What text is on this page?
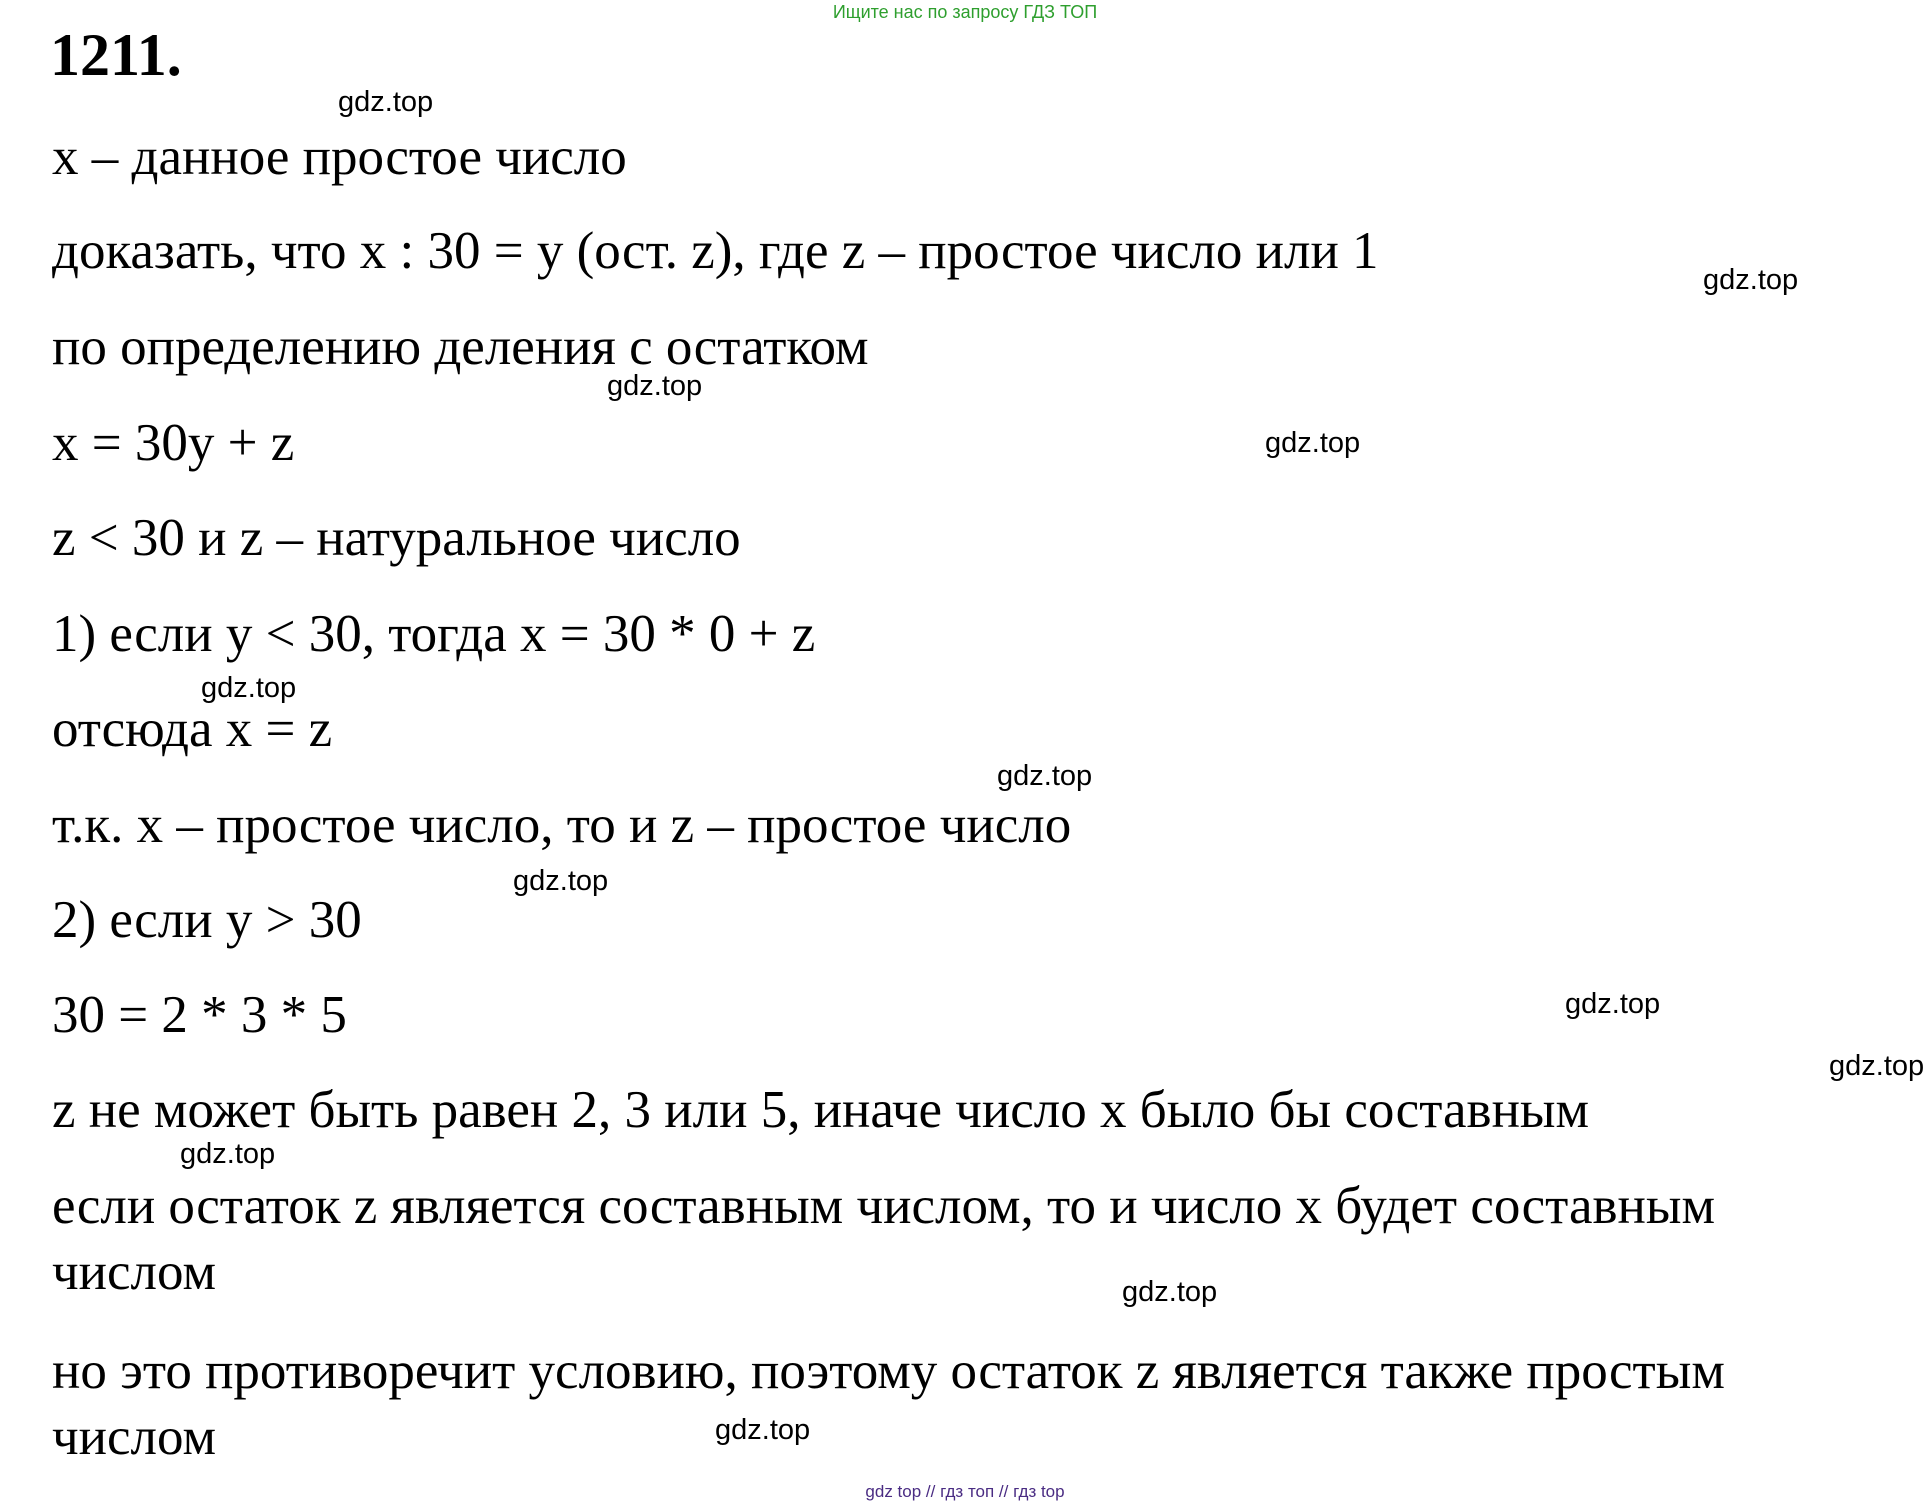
Ищите нас по запросу ГДЗ ТОП
1211.
х – данное простое число
доказать, что х : 30 = у (ост. z), где z – простое число или 1
по определению деления с остатком
х = 30у + z
z < 30 и z – натуральное число
1) если у < 30, тогда х = 30 * 0 + z
отсюда х = z
т.к. х – простое число, то и z – простое число
2) если у > 30
30 = 2 * 3 * 5
z не может быть равен 2, 3 или 5, иначе число х было бы составным
если остаток z является составным числом, то и число х будет составным
числом
но это противоречит условию, поэтому остаток z является также простым
числом
gdz.top
gdz.top
gdz.top
gdz.top
gdz.top
gdz.top
gdz.top
gdz.top
gdz.top
gdz.top
gdz.top
gdz.top
gdz top // гдз топ // гдз top
